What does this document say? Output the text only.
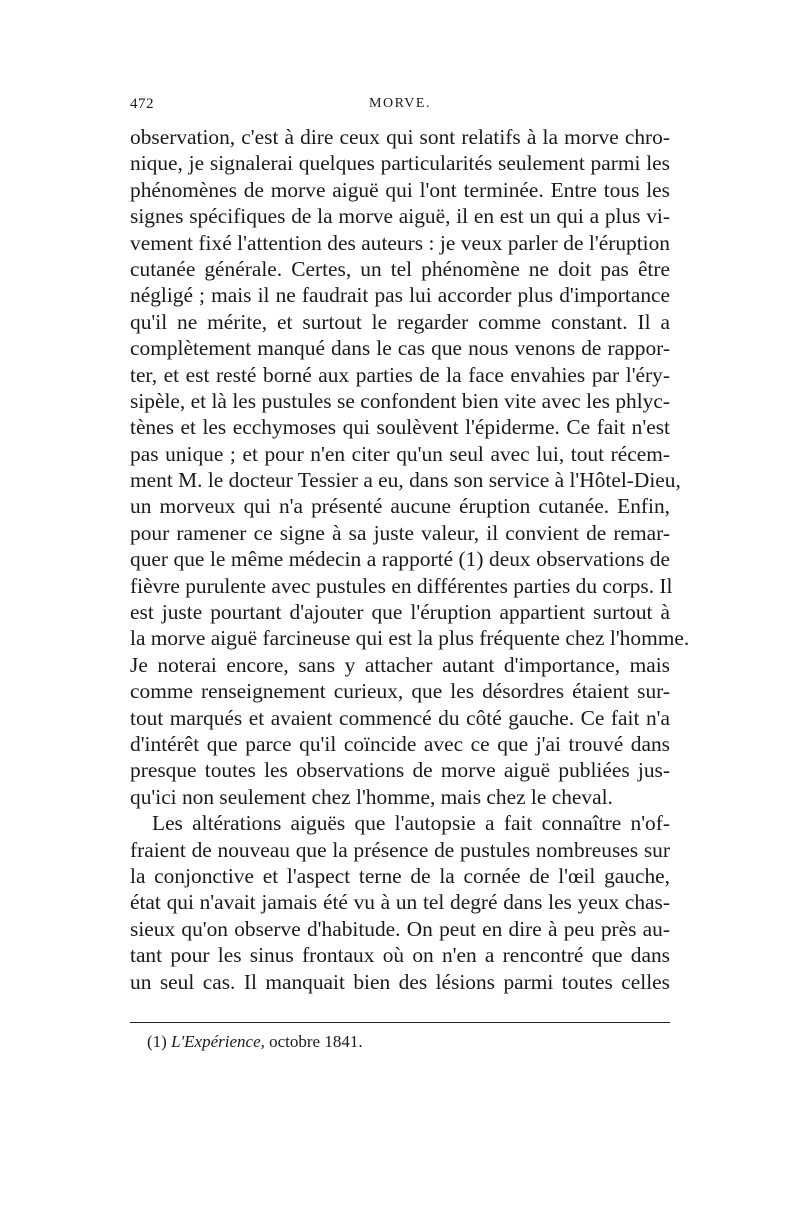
472	MORVE.
observation, c'est à dire ceux qui sont relatifs à la morve chro-
nique, je signalerai quelques particularités seulement parmi les
phénomènes de morve aiguë qui l'ont terminée. Entre tous les
signes spécifiques de la morve aiguë, il en est un qui a plus vi-
vement fixé l'attention des auteurs : je veux parler de l'éruption
cutanée générale. Certes, un tel phénomène ne doit pas être
négligé ; mais il ne faudrait pas lui accorder plus d'importance
qu'il ne mérite, et surtout le regarder comme constant. Il a
complètement manqué dans le cas que nous venons de rappor-
ter, et est resté borné aux parties de la face envahies par l'éry-
sipèle, et là les pustules se confondent bien vite avec les phlyc-
tènes et les ecchymoses qui soulèvent l'épiderme. Ce fait n'est
pas unique ; et pour n'en citer qu'un seul avec lui, tout récem-
ment M. le docteur Tessier a eu, dans son service à l'Hôtel-Dieu,
un morveux qui n'a présenté aucune éruption cutanée. Enfin,
pour ramener ce signe à sa juste valeur, il convient de remar-
quer que le même médecin a rapporté (1) deux observations de
fièvre purulente avec pustules en différentes parties du corps. Il
est juste pourtant d'ajouter que l'éruption appartient surtout à
la morve aiguë farcineuse qui est la plus fréquente chez l'homme.
Je noterai encore, sans y attacher autant d'importance, mais
comme renseignement curieux, que les désordres étaient sur-
tout marqués et avaient commencé du côté gauche. Ce fait n'a
d'intérêt que parce qu'il coïncide avec ce que j'ai trouvé dans
presque toutes les observations de morve aiguë publiées jus-
qu'ici non seulement chez l'homme, mais chez le cheval.
Les altérations aiguës que l'autopsie a fait connaître n'of-
fraient de nouveau que la présence de pustules nombreuses sur
la conjonctive et l'aspect terne de la cornée de l'œil gauche,
état qui n'avait jamais été vu à un tel degré dans les yeux chas-
sieux qu'on observe d'habitude. On peut en dire à peu près au-
tant pour les sinus frontaux où on n'en a rencontré que dans
un seul cas. Il manquait bien des lésions parmi toutes celles
(1) L'Expérience, octobre 1841.
